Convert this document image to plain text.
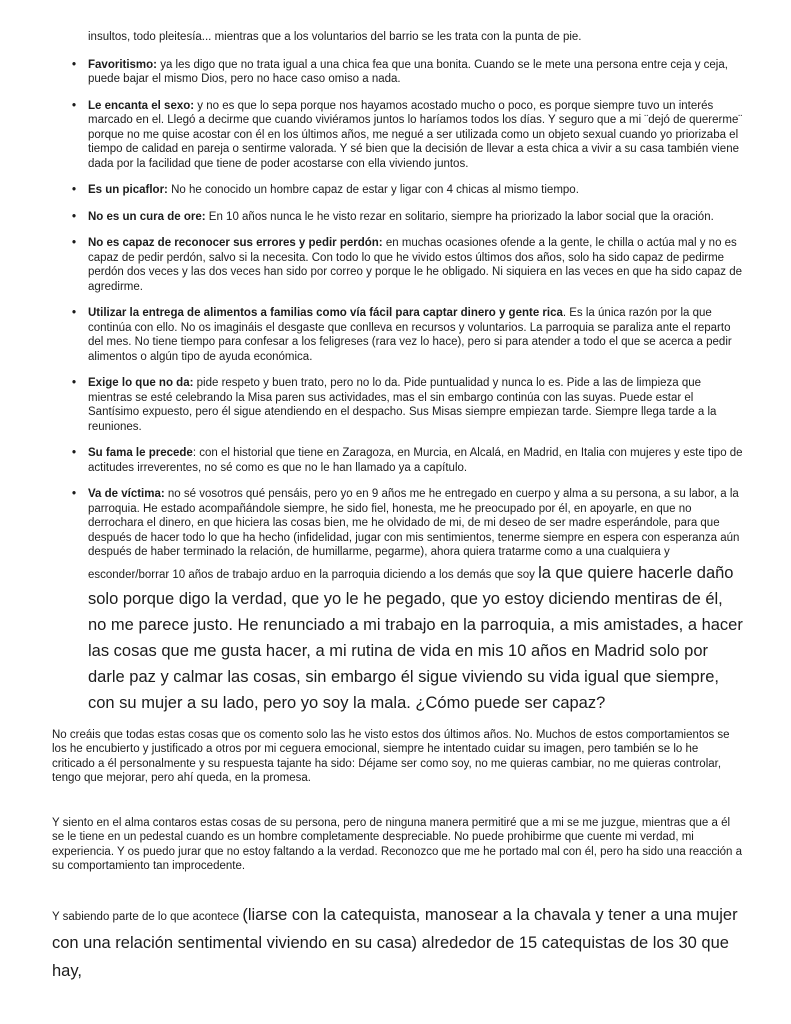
insultos, todo pleitesía... mientras que a los voluntarios del barrio se les trata con la punta de pie.

• Favoritismo: ya les digo que no trata igual a una chica fea que una bonita. Cuando se le mete una persona entre ceja y ceja, puede bajar el mismo Dios, pero no hace caso omiso a nada.
• Le encanta el sexo: y no es que lo sepa porque nos hayamos acostado mucho o poco, es porque siempre tuvo un interés marcado en el. Llegó a decirme que cuando viviéramos juntos lo haríamos todos los días. Y seguro que a mi ¨dejó de quererme¨ porque no me quise acostar con él en los últimos años, me negué a ser utilizada como un objeto sexual cuando yo priorizaba el tiempo de calidad en pareja o sentirme valorada. Y sé bien que la decisión de llevar a esta chica a vivir a su casa también viene dada por la facilidad que tiene de poder acostarse con ella viviendo juntos.
• Es un picaflor: No he conocido un hombre capaz de estar y ligar con 4 chicas al mismo tiempo.
• No es un cura de ore: En 10 años nunca le he visto rezar en solitario, siempre ha priorizado la labor social que la oración.
• No es capaz de reconocer sus errores y pedir perdón: en muchas ocasiones ofende a la gente, le chilla o actúa mal y no es capaz de pedir perdón, salvo si la necesita. Con todo lo que he vivido estos últimos dos años, solo ha sido capaz de pedirme perdón dos veces y las dos veces han sido por correo y porque le he obligado. Ni siquiera en las veces en que ha sido capaz de agredirme.
• Utilizar la entrega de alimentos a familias como vía fácil para captar dinero y gente rica. Es la única razón por la que continúa con ello. No os imagináis el desgaste que conlleva en recursos y voluntarios. La parroquia se paraliza ante el reparto del mes. No tiene tiempo para confesar a los feligreses (rara vez lo hace), pero si para atender a todo el que se acerca a pedir alimentos o algún tipo de ayuda económica.
• Exige lo que no da: pide respeto y buen trato, pero no lo da. Pide puntualidad y nunca lo es. Pide a las de limpieza que mientras se esté celebrando la Misa paren sus actividades, mas el sin embargo continúa con las suyas. Puede estar el Santísimo expuesto, pero él sigue atendiendo en el despacho. Sus Misas siempre empiezan tarde. Siempre llega tarde a la reuniones.
• Su fama le precede: con el historial que tiene en Zaragoza, en Murcia, en Alcalá, en Madrid, en Italia con mujeres y este tipo de actitudes irreverentes, no sé como es que no le han llamado ya a capítulo.
• Va de víctima: no sé vosotros qué pensáis, pero yo en 9 años me he entregado en cuerpo y alma a su persona, a su labor, a la parroquia. He estado acompañándole siempre, he sido fiel, honesta, me he preocupado por él, en apoyarle, en que no derrochara el dinero, en que hiciera las cosas bien, me he olvidado de mi, de mi deseo de ser madre esperándole, para que después de hacer todo lo que ha hecho (infidelidad, jugar con mis sentimientos, tenerme siempre en espera con esperanza aún después de haber terminado la relación, de humillarme, pegarme), ahora quiera tratarme como a una cualquiera y esconder/borrar 10 años de trabajo arduo en la parroquia diciendo a los demás que soy la que quiere hacerle daño solo porque digo la verdad, que yo le he pegado, que yo estoy diciendo mentiras de él, no me parece justo. He renunciado a mi trabajo en la parroquia, a mis amistades, a hacer las cosas que me gusta hacer, a mi rutina de vida en mis 10 años en Madrid solo por darle paz y calmar las cosas, sin embargo él sigue viviendo su vida igual que siempre, con su mujer a su lado, pero yo soy la mala. ¿Cómo puede ser capaz?

No creáis que todas estas cosas que os comento solo las he visto estos dos últimos años. No. Muchos de estos comportamientos se los he encubierto y justificado a otros por mi ceguera emocional, siempre he intentado cuidar su imagen, pero también se lo he criticado a él personalmente y su respuesta tajante ha sido: Déjame ser como soy, no me quieras cambiar, no me quieras controlar, tengo que mejorar, pero ahí queda, en la promesa.

Y siento en el alma contaros estas cosas de su persona, pero de ninguna manera permitiré que a mi se me juzgue, mientras que a él se le tiene en un pedestal cuando es un hombre completamente despreciable. No puede prohibirme que cuente mi verdad, mi experiencia. Y os puedo jurar que no estoy faltando a la verdad. Reconozco que me he portado mal con él, pero ha sido una reacción a su comportamiento tan improcedente.

Y sabiendo parte de lo que acontece (liarse con la catequista, manosear a la chavala y tener a una mujer con una relación sentimental viviendo en su casa) alrededor de 15 catequistas de los 30 que hay,
